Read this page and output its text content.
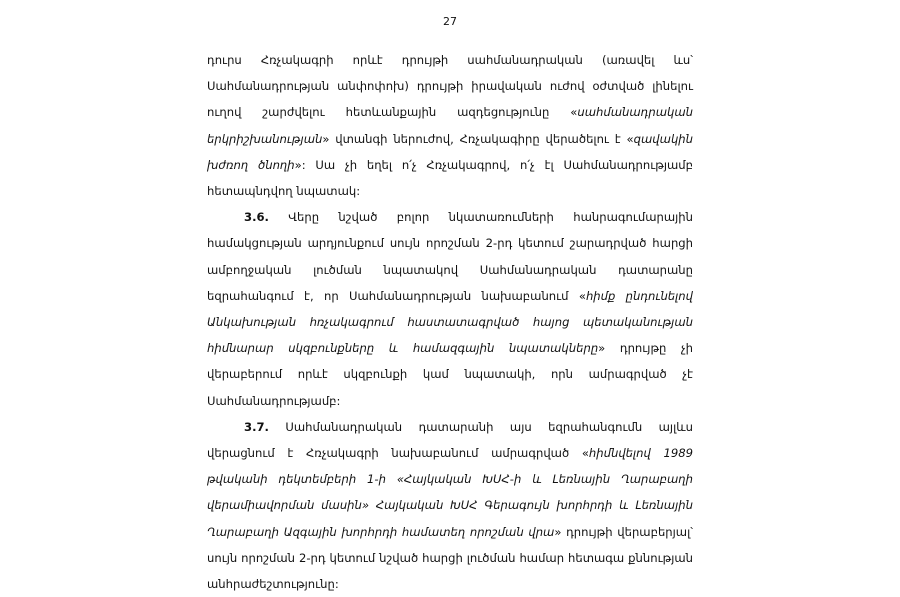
27

դուրս Հռչակագրի որևէ դրույթի սահմանադրական (առավել ևս՝ Սահմանադրության անփոփոխ) դրույթի իրավական ուժով օժտված լինելու ուղով շարժվելու հետևանքային ազդեցությունը «սահմանադրական երկրիշխանության» վտանգի ներուժով, Հռչակագիրը վերածելու է «զավակին խժռող ծնողի»: Սա չի եղել ո՛չ Հռչակագրով, ո՛չ էլ Սահմանադրությամբ հետապնդվող նպատակ:

3.6. Վերը նշված բոլոր նկատառումների հանրագումարային համակցության արդյունքում սույն որոշման 2-րդ կետում շարադրված հարցի ամբողջական լուծման նպատակով Սահմանադրական դատարանը եզրահանգում է, որ Սահմանադրության նախաբանում «հիմք ընդունելով Անկախության հռչակագրում հաստատագրված հայոց պետականության հիմնարար սկզբունքները և համազգային նպատակները» դրույթը չի վերաբերում որևէ սկզբունքի կամ նպատակի, որն ամրագրված չէ Սահմանադրությամբ:

3.7. Սահմանադրական դատարանի այս եզրահանգումն այլևս վերացնում է Հռչակագրի նախաբանում ամրագրված «հիմնվելով 1989 թվականի դեկտեմբերի 1-ի «Հայկական ԽՍՀ-ի և Լեռնային Ղարաբաղի վերամիավորման մասին» Հայկական ԽՍՀ Գերագույն խորհրդի և Լեռնային Ղարաբաղի Ազգային խորհրդի համատեղ որոշման վրա» դրույթի վերաբերյալ՝ սույն որոշման 2-րդ կետում նշված հարցի լուծման համար հետագա քննության անհրաժեշտությունը:
